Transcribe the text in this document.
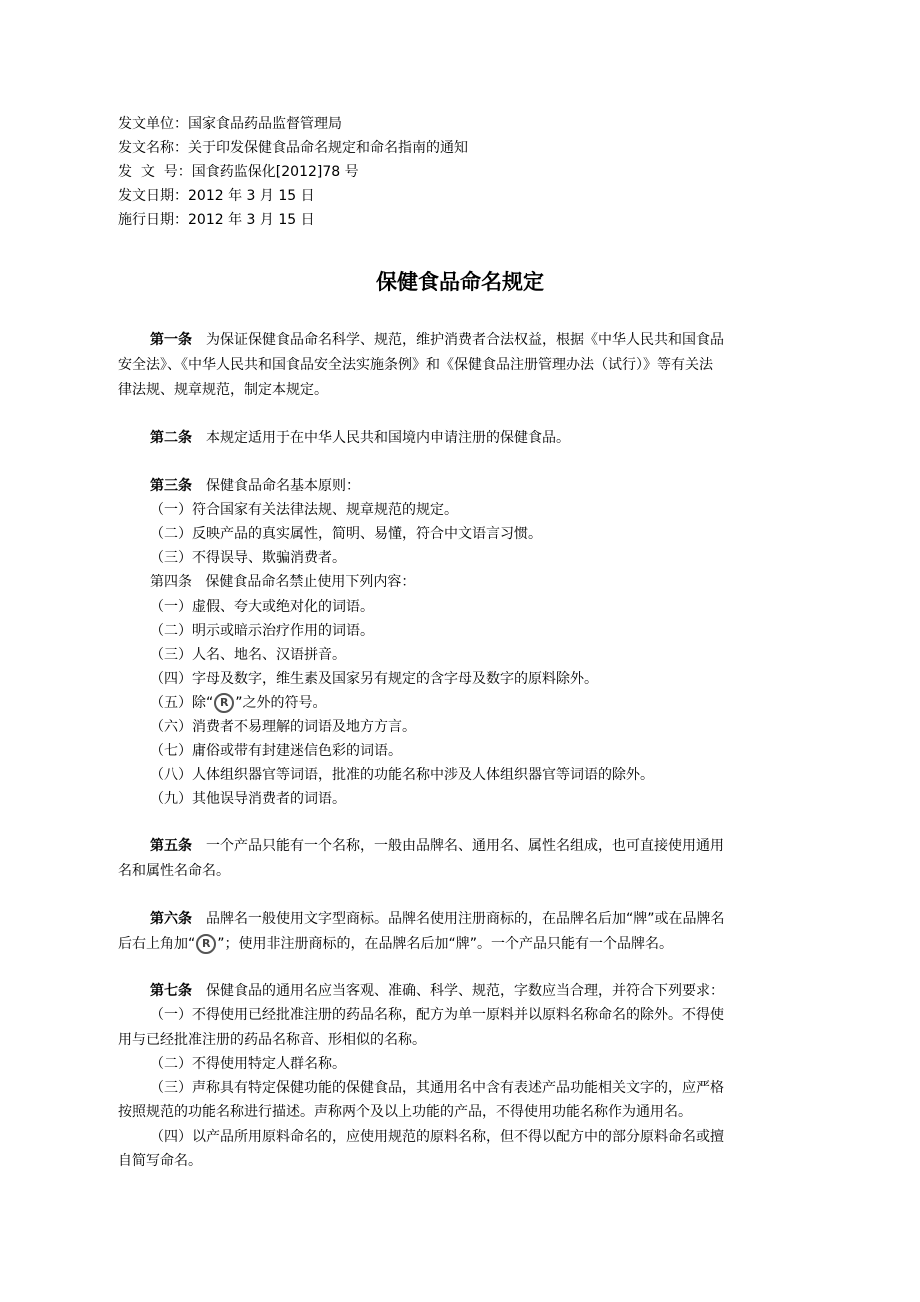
发文单位：国家食品药品监督管理局
发文名称：关于印发保健食品命名规定和命名指南的通知
发  文  号：国食药监保化[2012]78 号
发文日期：2012 年 3 月 15 日
施行日期：2012 年 3 月 15 日
保健食品命名规定
第一条 为保证保健食品命名科学、规范，维护消费者合法权益，根据《中华人民共和国食品
安全法》、《中华人民共和国食品安全法实施条例》和《保健食品注册管理办法（试行）》等有关法
律法规、规章规范，制定本规定。
第二条 本规定适用于在中华人民共和国境内申请注册的保健食品。
第三条 保健食品命名基本原则：
（一）符合国家有关法律法规、规章规范的规定。
（二）反映产品的真实属性，简明、易懂，符合中文语言习惯。
（三）不得误导、欺骗消费者。
第四条   保健食品命名禁止使用下列内容：
（一）虚假、夸大或绝对化的词语。
（二）明示或暗示治疗作用的词语。
（三）人名、地名、汉语拼音。
（四）字母及数字，维生素及国家另有规定的含字母及数字的原料除外。
（五）除“ R ”之外的符号。
（六）消费者不易理解的词语及地方方言。
（七）庸俗或带有封建迷信色彩的词语。
（八）人体组织器官等词语，批准的功能名称中涉及人体组织器官等词语的除外。
（九）其他误导消费者的词语。
第五条 一个产品只能有一个名称，一般由品牌名、通用名、属性名组成，也可直接使用通用
名和属性名命名。
第六条 品牌名一般使用文字型商标。品牌名使用注册商标的，在品牌名后加“牌”或在品牌名
后右上角加“ R ”；使用非注册商标的，在品牌名后加“牌”。一个产品只能有一个品牌名。
第七条 保健食品的通用名应当客观、准确、科学、规范，字数应当合理，并符合下列要求：
（一）不得使用已经批准注册的药品名称，配方为单一原料并以原料名称命名的除外。不得使
用与已经批准注册的药品名称音、形相似的名称。
（二）不得使用特定人群名称。
（三）声称具有特定保健功能的保健食品，其通用名中含有表述产品功能相关文字的，应严格
按照规范的功能名称进行描述。声称两个及以上功能的产品，不得使用功能名称作为通用名。
（四）以产品所用原料命名的，应使用规范的原料名称，但不得以配方中的部分原料命名或擅
自简写命名。
